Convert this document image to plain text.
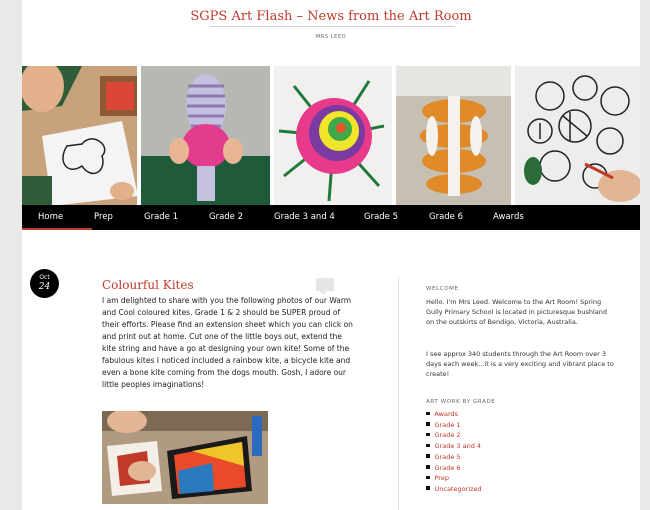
SGPS Art Flash – News from the Art Room
MRS LEED
Home	Prep	Grade 1	Grade 2	Grade 3 and 4	Grade 5	Grade 6	Awards
Oct
24	Colourful Kites

I am delighted to share with you the following photos of our Warm and Cool coloured kites. Grade 1 & 2 should be SUPER proud of their efforts. Please find an extension sheet which you can click on and print out at home. Cut one of the little boys out, extend the kite string and have a go at designing your own kite! Some of the fabulous kites I noticed included a rainbow kite, a bicycle kite and even a bone kite coming from the dogs mouth. Gosh, I adore our little peoples imaginations!

WELCOME

Hello. I'm Mrs Leed. Welcome to the Art Room! Spring Gully Primary School is located in picturesque bushland on the outskirts of Bendigo, Victoria, Australia.

I see approx 340 students through the Art Room over 3 days each week...it is a very exciting and vibrant place to create!

ART WORK BY GRADE
Awards
Grade 1
Grade 2
Grade 3 and 4
Grade 5
Grade 6
Prep
Uncategorized
